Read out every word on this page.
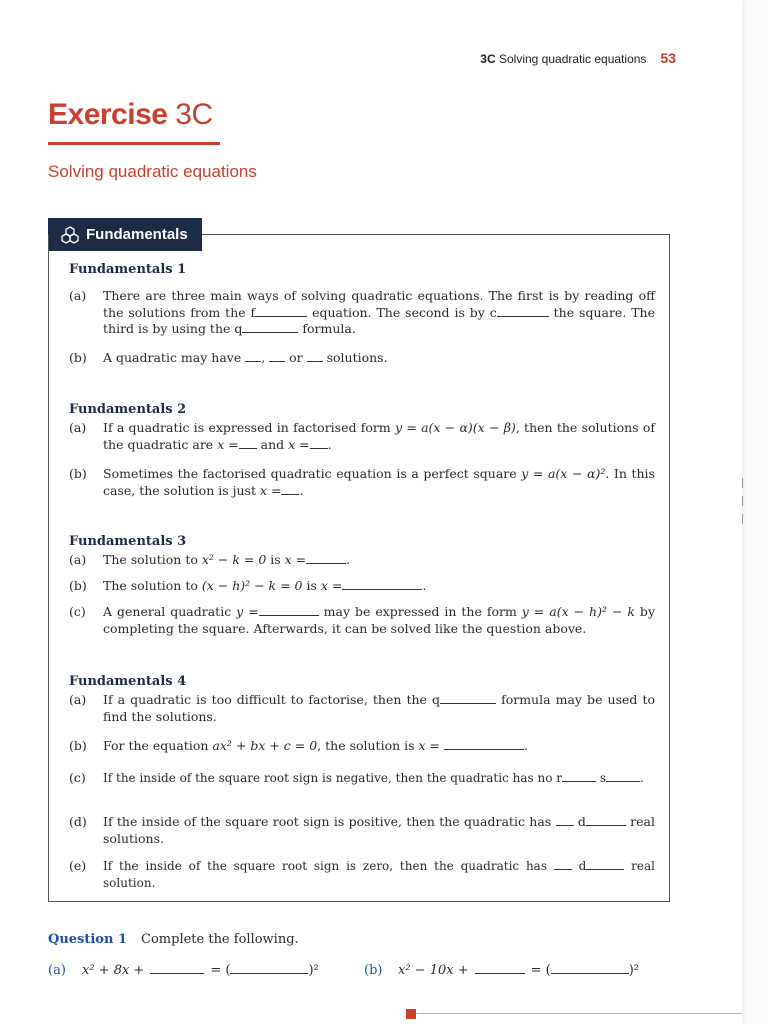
3C Solving quadratic equations 53
Exercise 3C
Solving quadratic equations
Fundamentals
Fundamentals 1
(a)	There are three main ways of solving quadratic equations. The first is by reading off the solutions from the f	equation. The second is by c	the square. The third is by using the q	formula.
(b)	A quadratic may have ,  or  solutions.
Fundamentals 2
(a)	If a quadratic is expressed in factorised form y = a(x − α)(x − β), then the solutions of the quadratic are x = and x = .
(b)	Sometimes the factorised quadratic equation is a perfect square y = a(x − α)². In this case, the solution is just x = .
Fundamentals 3
(a)	The solution to x² − k = 0 is x =	.
(b)	The solution to (x − h)² − k = 0 is x =	.
(c)	A general quadratic y =	may be expressed in the form y = a(x − h)² − k by completing the square. Afterwards, it can be solved like the question above.
Fundamentals 4
(a)	If a quadratic is too difficult to factorise, then the q	formula may be used to find the solutions.
(b)	For the equation ax² + bx + c = 0, the solution is x =	.
(c)	If the inside of the square root sign is negative, then the quadratic has no r	s	.
(d)	If the inside of the square root sign is positive, then the quadratic has  d	real solutions.
(e)	If the inside of the square root sign is zero, then the quadratic has  d	real solution.
Question 1 Complete the following.
(a)	x² + 8x +	= (	)²	(b)	x² − 10x +	= (	)²
